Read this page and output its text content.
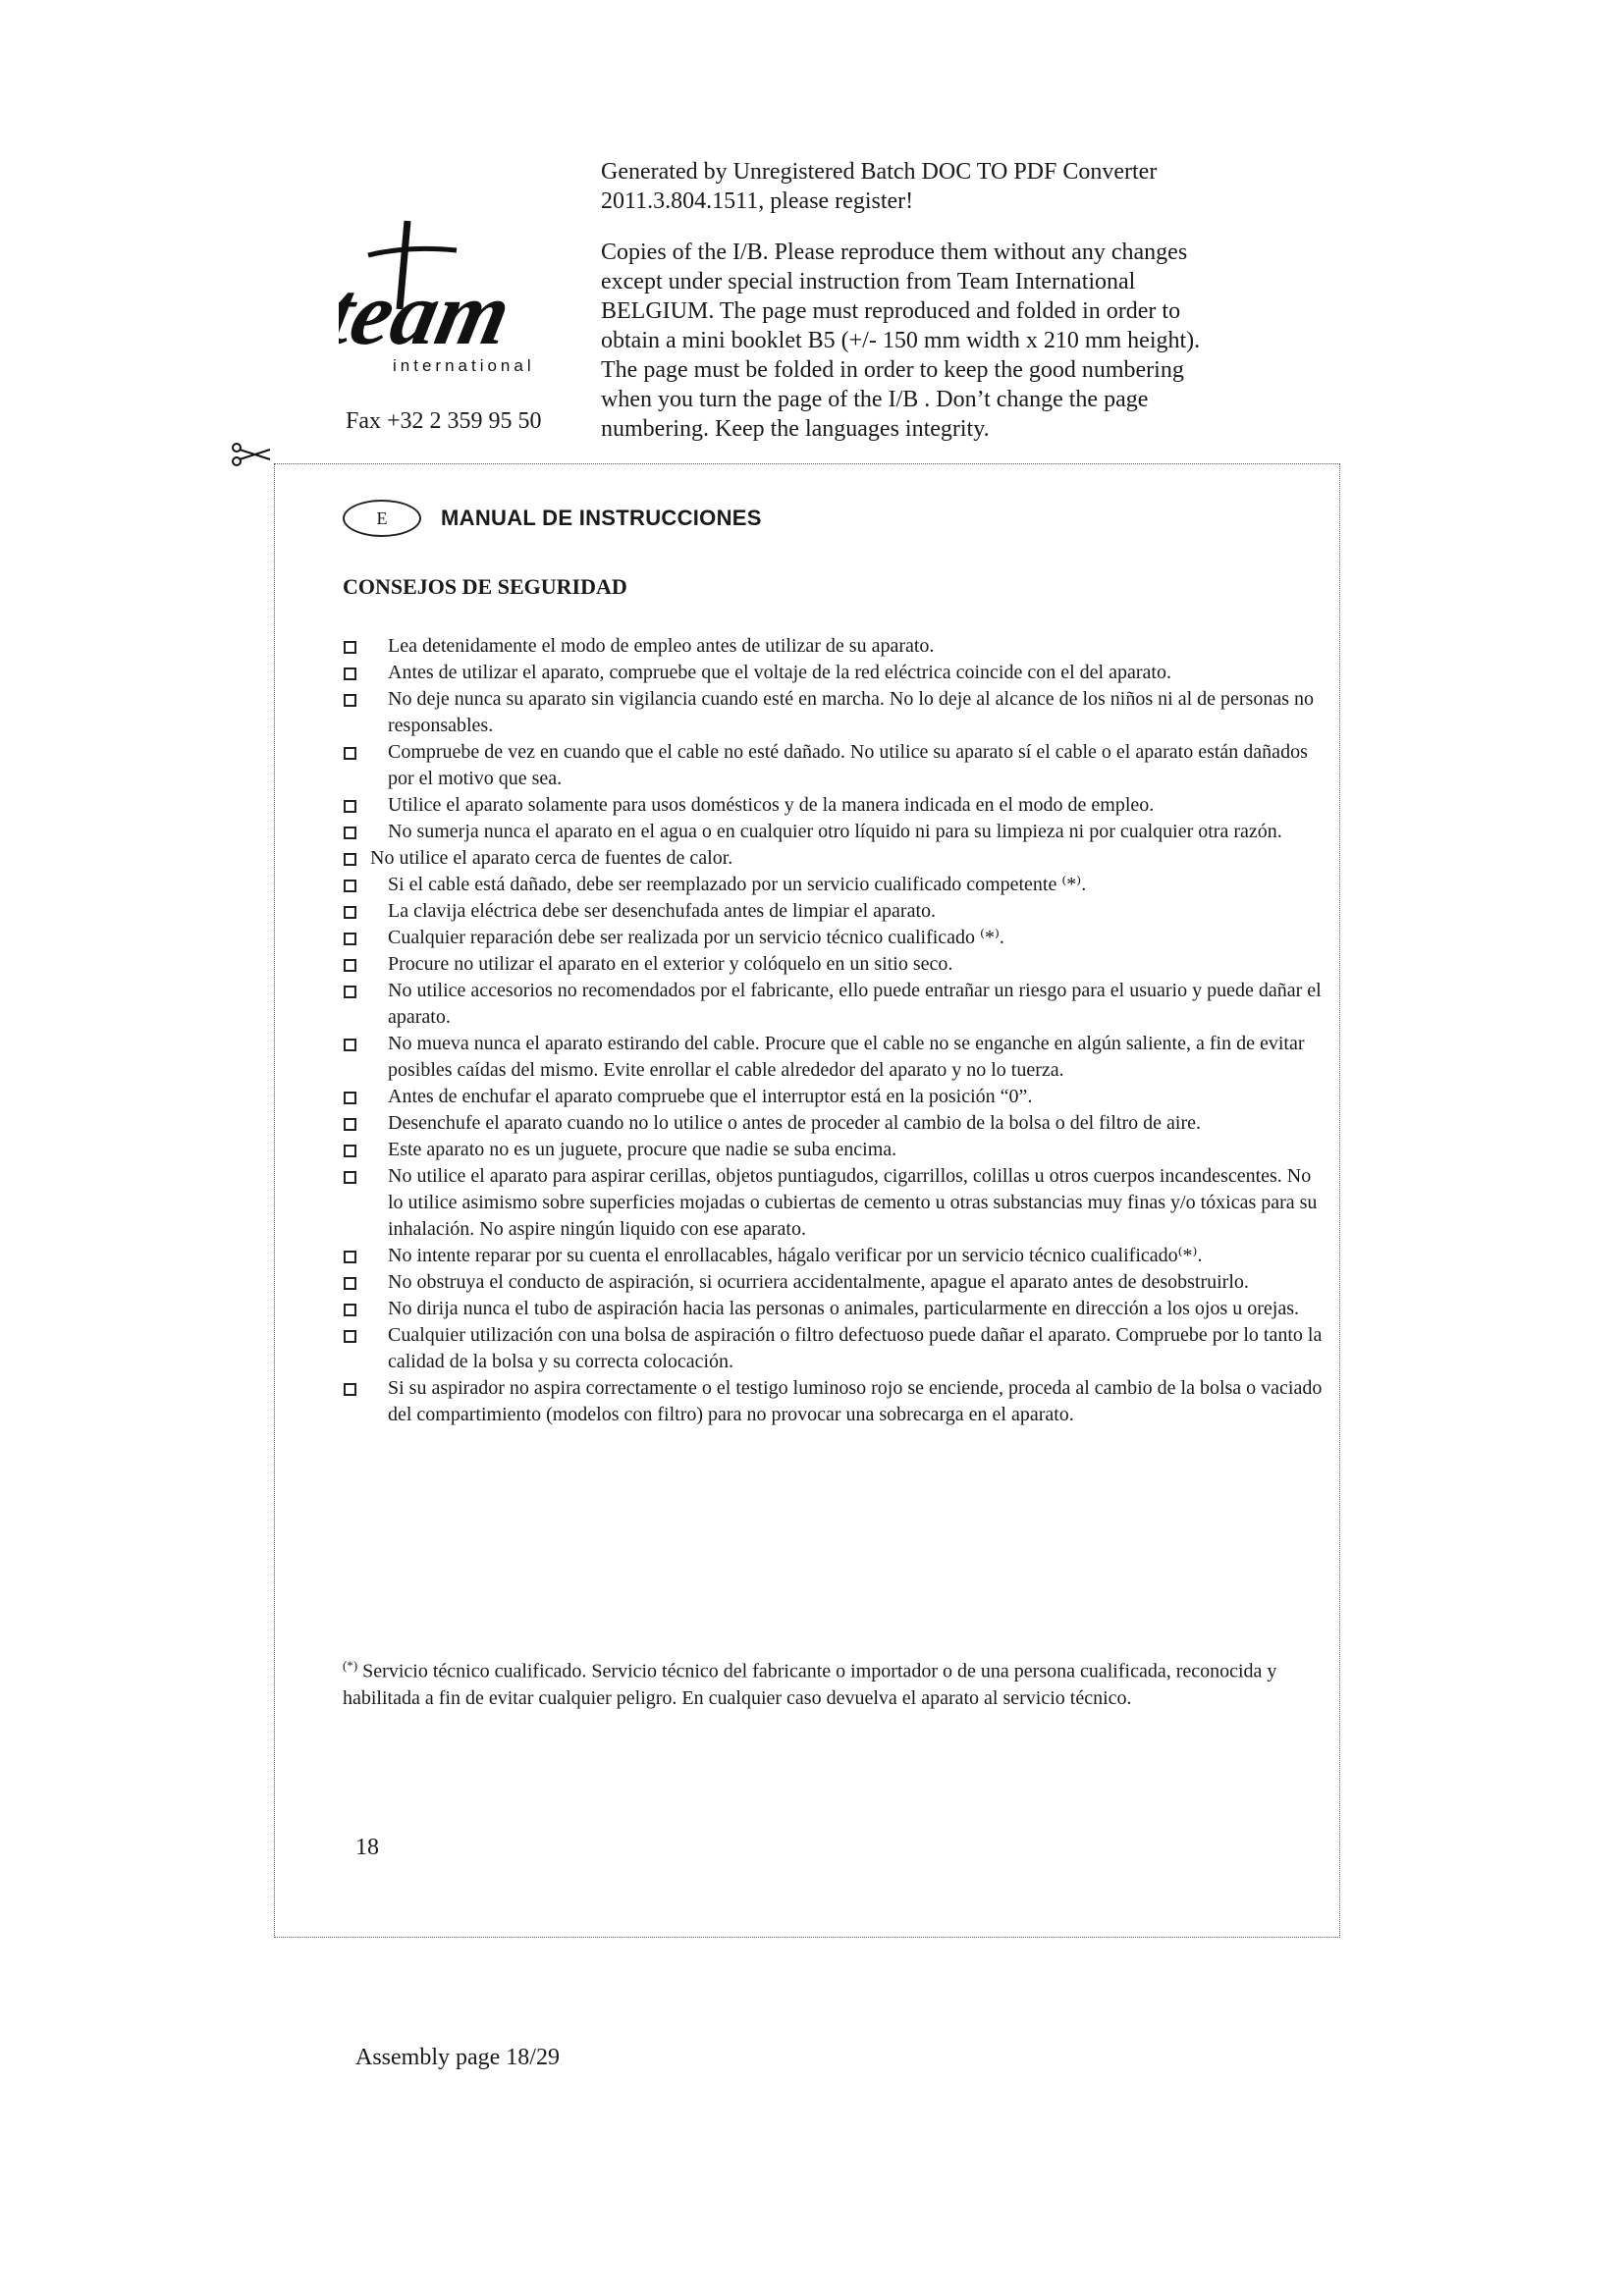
Generated by Unregistered Batch DOC TO PDF Converter

2011.3.804.1511, please register!

Copies of the I/B. Please reproduce them without any changes

except under special instruction from Team International

BELGIUM. The page must reproduced and folded in order to

obtain a mini booklet B5 (+/- 150 mm width x 210 mm height).

The page must be folded in order to keep the good numbering

when you turn the page of the I/B . Don’t change the page

numbering. Keep the languages integrity.

team
international
Fax +32 2 359 95 50
E	MANUAL DE INSTRUCCIONES
CONSEJOS DE SEGURIDAD
Lea detenidamente el modo de empleo antes de utilizar de su aparato.
Antes de utilizar el aparato, compruebe que el voltaje de la red eléctrica coincide con el del aparato.
No deje nunca su aparato sin vigilancia cuando esté en marcha. No lo deje al alcance de los niños ni al de personas no responsables.
Compruebe de vez en cuando que el cable no esté dañado. No utilice su aparato sí el cable o el aparato están dañados por el motivo que sea.
Utilice el aparato solamente para usos domésticos y de la manera indicada en el modo de empleo.
No sumerja nunca el aparato en el agua o en cualquier otro líquido ni para su limpieza ni por cualquier otra razón.
No utilice el aparato cerca de fuentes de calor.
Si el cable está dañado, debe ser reemplazado por un servicio cualificado competente ⁽*⁾.
La clavija eléctrica debe ser desenchufada antes de limpiar el aparato.
Cualquier reparación debe ser realizada por un servicio técnico cualificado ⁽*⁾.
Procure no utilizar el aparato en el exterior y colóquelo en un sitio seco.
No utilice accesorios no recomendados por el fabricante, ello puede entrañar un riesgo para el usuario y puede dañar el aparato.
No mueva nunca el aparato estirando del cable. Procure que el cable no se enganche en algún saliente, a fin de evitar posibles caídas del mismo. Evite enrollar el cable alrededor del aparato y no lo tuerza.
Antes de enchufar el aparato compruebe que el interruptor está en la posición “0”.
Desenchufe el aparato cuando no lo utilice o antes de proceder al cambio de la bolsa o del filtro de aire.
Este aparato no es un juguete, procure que nadie se suba encima.
No utilice el aparato para aspirar cerillas, objetos puntiagudos, cigarrillos, colillas u otros cuerpos incandescentes. No lo utilice asimismo sobre superficies mojadas o cubiertas de cemento u otras substancias muy finas y/o tóxicas para su inhalación. No aspire ningún liquido con ese aparato.
No intente reparar por su cuenta el enrollacables, hágalo verificar por un servicio técnico cualificado⁽*⁾.
No obstruya el conducto de aspiración, si ocurriera accidentalmente, apague el aparato antes de desobstruirlo.
No dirija nunca el tubo de aspiración hacia las personas o animales, particularmente en dirección a los ojos u orejas.
Cualquier utilización con una bolsa de aspiración o filtro defectuoso puede dañar el aparato. Compruebe por lo tanto la calidad de la bolsa y su correcta colocación.
Si su aspirador no aspira correctamente o el testigo luminoso rojo se enciende, proceda al cambio de la bolsa o vaciado del compartimiento (modelos con filtro) para no provocar una sobrecarga en el aparato.
(*) Servicio técnico cualificado. Servicio técnico del fabricante o importador o de una persona cualificada, reconocida y habilitada a fin de evitar cualquier peligro. En cualquier caso devuelva el aparato al servicio técnico.
18
Assembly page 18/29
